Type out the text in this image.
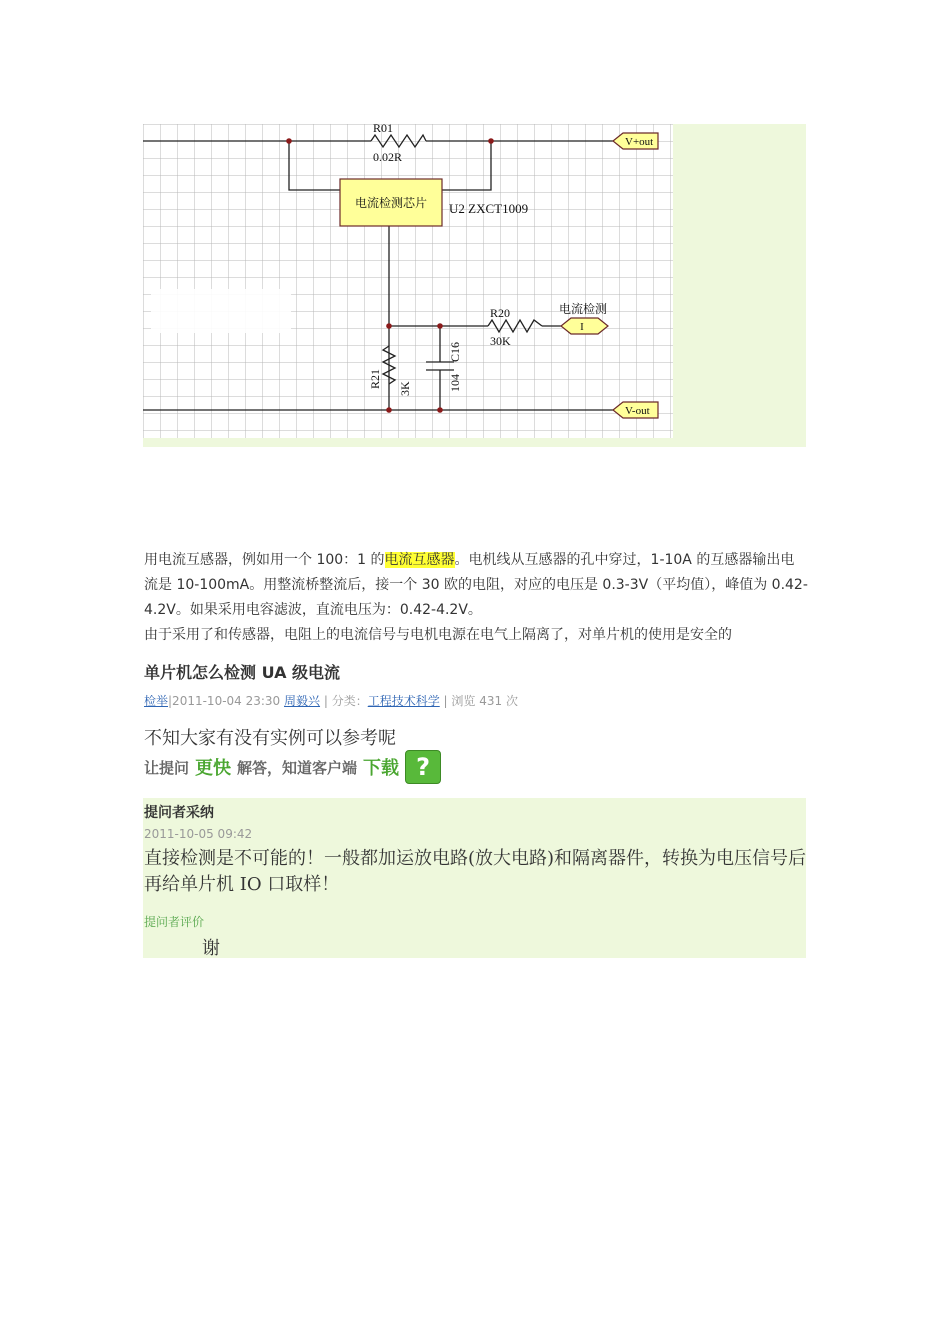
电流检测芯片 U2 ZXCT1009
R01
0.02R
V+out
V-out
R20
30K
电流检测
I
R21 3K
C16
104

用电流互感器，例如用一个 100：1 的电流互感器。电机线从互感器的孔中穿过，1-10A 的互感器输出电流是 10-100mA。用整流桥整流后，接一个 30 欧的电阻，对应的电压是 0.3-3V（平均值），峰值为 0.42-4.2V。如果采用电容滤波，直流电压为：0.42-4.2V。

由于采用了和传感器，电阻上的电流信号与电机电源在电气上隔离了，对单片机的使用是安全的

单片机怎么检测 UA 级电流
检举|2011-10-04 23:30 周毅兴 | 分类：工程技术科学 | 浏览 431 次
不知大家有没有实例可以参考呢
让提问 更快 解答，知道客户端 下载 ?
提问者采纳
2011-10-05 09:42
直接检测是不可能的！一般都加运放电路(放大电路)和隔离器件，转换为电压信号后再给单片机 IO 口取样！
提问者评价
谢
